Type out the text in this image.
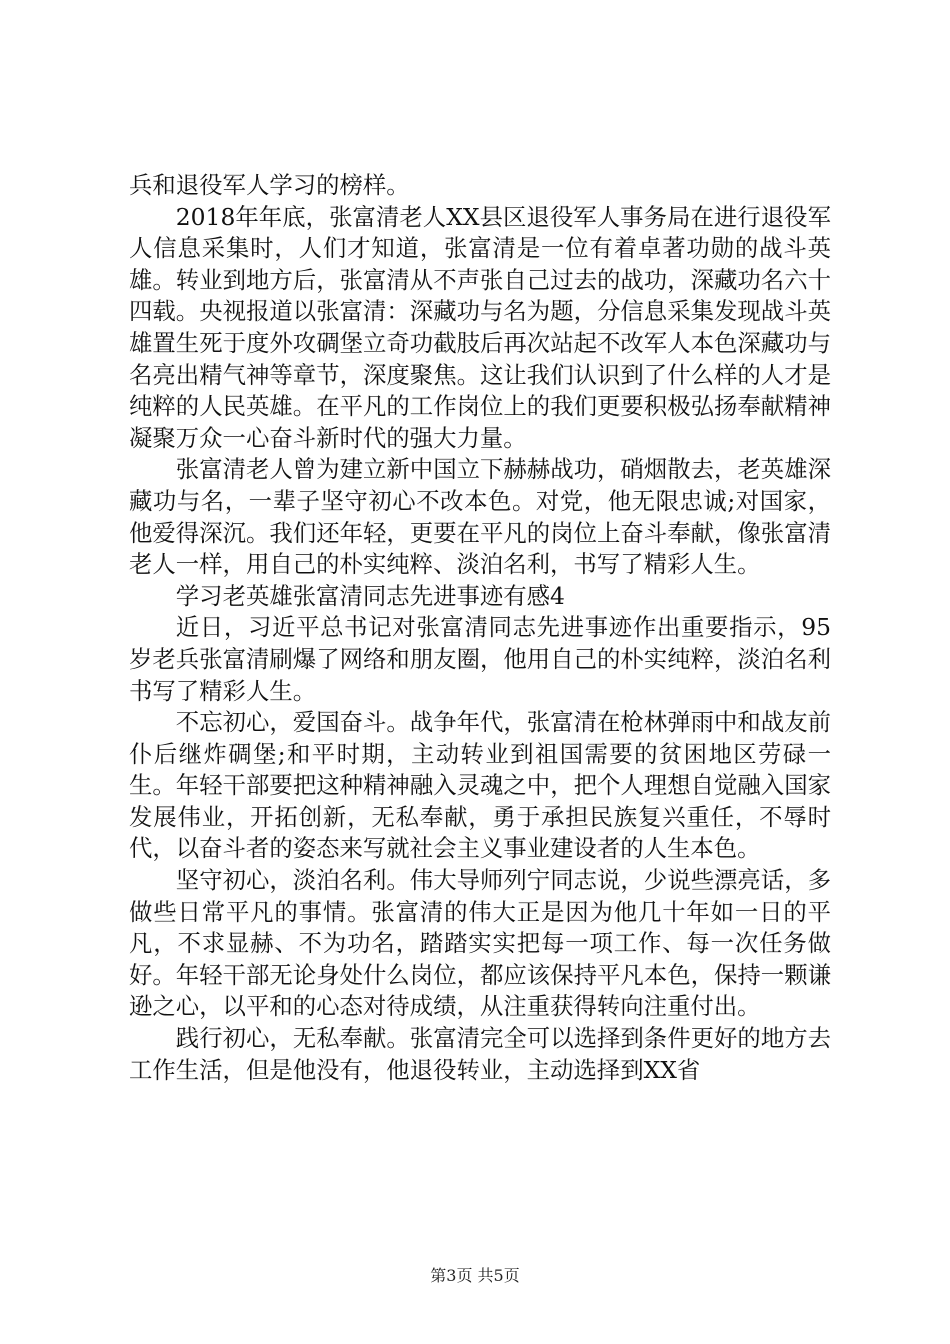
兵和退役军人学习的榜样。

2018年年底，张富清老人XX县区退役军人事务局在进行退役军人信息采集时，人们才知道，张富清是一位有着卓著功勋的战斗英雄。转业到地方后，张富清从不声张自己过去的战功，深藏功名六十四载。央视报道以张富清：深藏功与名为题，分信息采集发现战斗英雄置生死于度外攻碉堡立奇功截肢后再次站起不改军人本色深藏功与名亮出精气神等章节，深度聚焦。这让我们认识到了什么样的人才是纯粹的人民英雄。在平凡的工作岗位上的我们更要积极弘扬奉献精神凝聚万众一心奋斗新时代的强大力量。

张富清老人曾为建立新中国立下赫赫战功，硝烟散去，老英雄深藏功与名，一辈子坚守初心不改本色。对党，他无限忠诚;对国家，他爱得深沉。我们还年轻，更要在平凡的岗位上奋斗奉献，像张富清老人一样，用自己的朴实纯粹、淡泊名利，书写了精彩人生。

学习老英雄张富清同志先进事迹有感4

近日，习近平总书记对张富清同志先进事迹作出重要指示，95岁老兵张富清刷爆了网络和朋友圈，他用自己的朴实纯粹，淡泊名利书写了精彩人生。

不忘初心，爱国奋斗。战争年代，张富清在枪林弹雨中和战友前仆后继炸碉堡;和平时期，主动转业到祖国需要的贫困地区劳碌一生。年轻干部要把这种精神融入灵魂之中，把个人理想自觉融入国家发展伟业，开拓创新，无私奉献，勇于承担民族复兴重任，不辱时代，以奋斗者的姿态来写就社会主义事业建设者的人生本色。

坚守初心，淡泊名利。伟大导师列宁同志说，少说些漂亮话，多做些日常平凡的事情。张富清的伟大正是因为他几十年如一日的平凡，不求显赫、不为功名，踏踏实实把每一项工作、每一次任务做好。年轻干部无论身处什么岗位，都应该保持平凡本色，保持一颗谦逊之心，以平和的心态对待成绩，从注重获得转向注重付出。

践行初心，无私奉献。张富清完全可以选择到条件更好的地方去工作生活，但是他没有，他退役转业，主动选择到XX省

第3页 共5页
